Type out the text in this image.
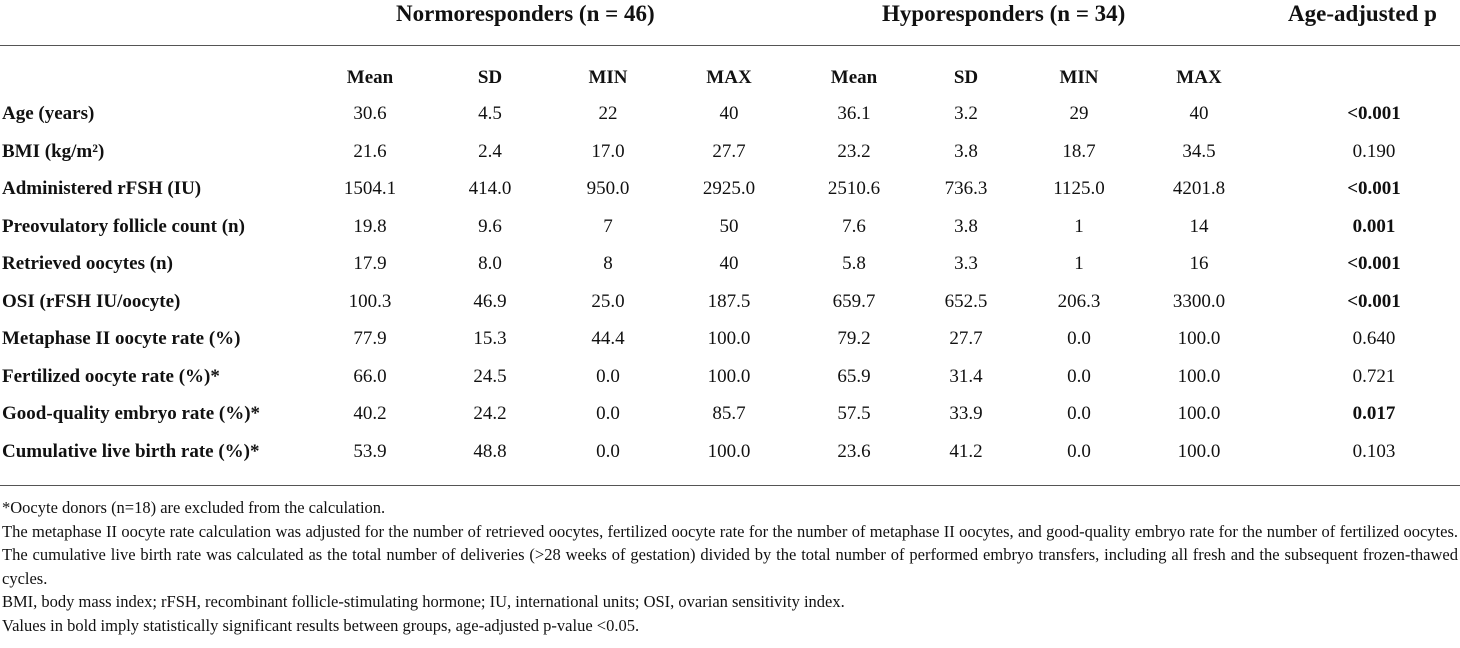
Normoresponders (n = 46)	Hyporesponders (n = 34)	Age-adjusted p
Mean	SD	MIN	MAX	Mean	SD	MIN	MAX
Age (years)	30.6	4.5	22	40	36.1	3.2	29	40	<0.001
BMI (kg/m²)	21.6	2.4	17.0	27.7	23.2	3.8	18.7	34.5	0.190
Administered rFSH (IU)	1504.1	414.0	950.0	2925.0	2510.6	736.3	1125.0	4201.8	<0.001
Preovulatory follicle count (n)	19.8	9.6	7	50	7.6	3.8	1	14	0.001
Retrieved oocytes (n)	17.9	8.0	8	40	5.8	3.3	1	16	<0.001
OSI (rFSH IU/oocyte)	100.3	46.9	25.0	187.5	659.7	652.5	206.3	3300.0	<0.001
Metaphase II oocyte rate (%)	77.9	15.3	44.4	100.0	79.2	27.7	0.0	100.0	0.640
Fertilized oocyte rate (%)*	66.0	24.5	0.0	100.0	65.9	31.4	0.0	100.0	0.721
Good-quality embryo rate (%)*	40.2	24.2	0.0	85.7	57.5	33.9	0.0	100.0	0.017
Cumulative live birth rate (%)*	53.9	48.8	0.0	100.0	23.6	41.2	0.0	100.0	0.103

*Oocyte donors (n=18) are excluded from the calculation.

The metaphase II oocyte rate calculation was adjusted for the number of retrieved oocytes, fertilized oocyte rate for the number of metaphase II oocytes, and good-quality embryo rate for the number of fertilized oocytes. The cumulative live birth rate was calculated as the total number of deliveries (>28 weeks of gestation) divided by the total number of performed embryo transfers, including all fresh and the subsequent frozen-thawed cycles.

BMI, body mass index; rFSH, recombinant follicle-stimulating hormone; IU, international units; OSI, ovarian sensitivity index.

Values in bold imply statistically significant results between groups, age-adjusted p-value <0.05.
